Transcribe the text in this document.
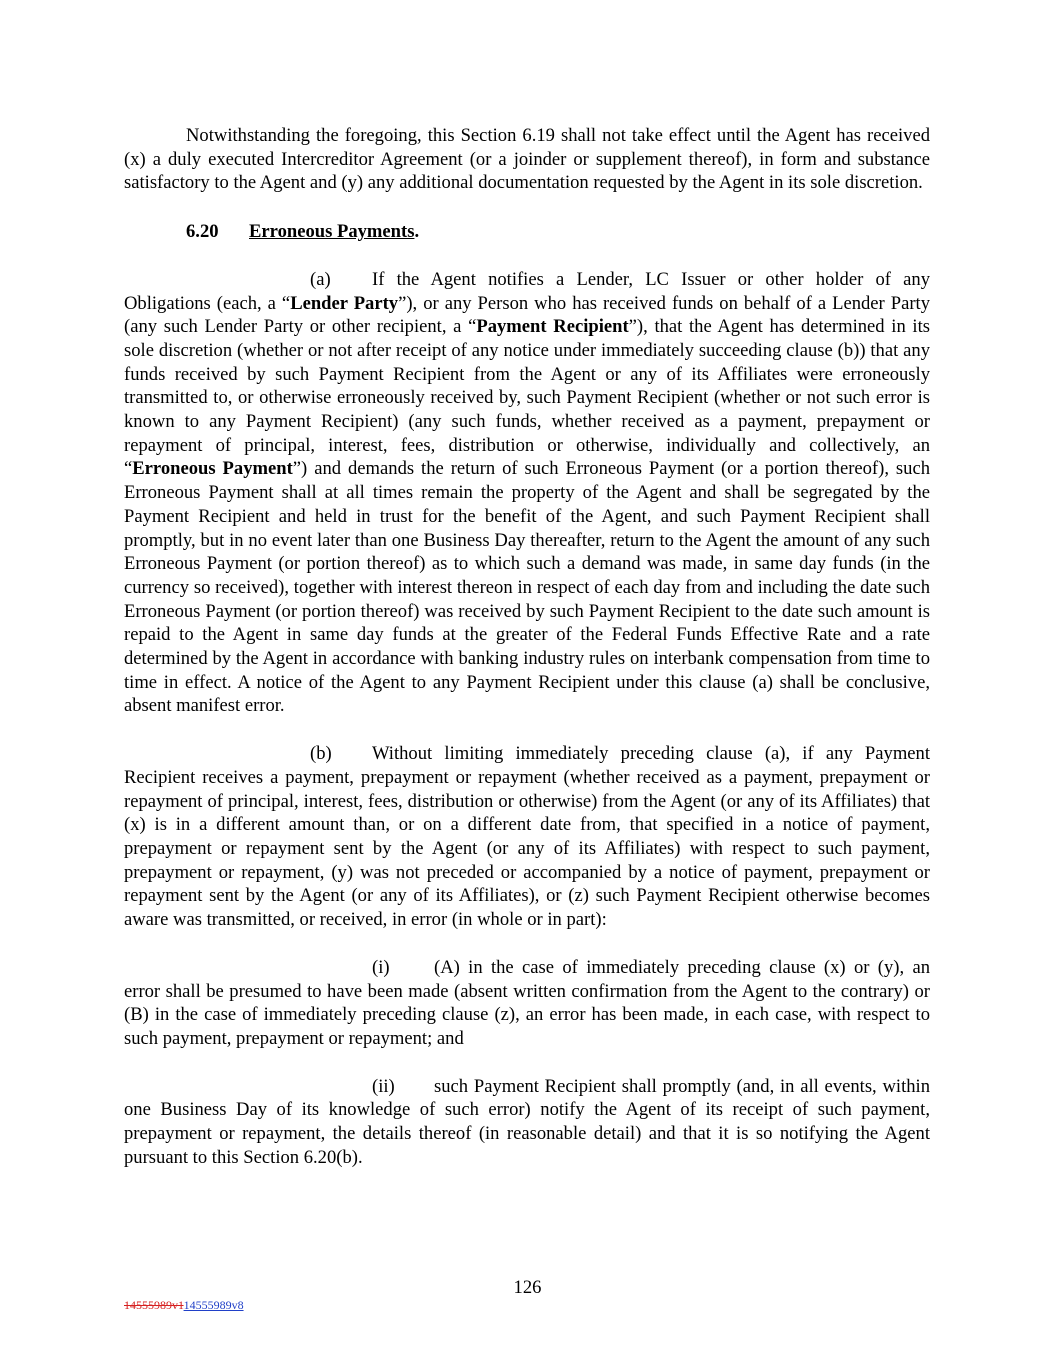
Notwithstanding the foregoing, this Section 6.19 shall not take effect until the Agent has received (x) a duly executed Intercreditor Agreement (or a joinder or supplement thereof), in form and substance satisfactory to the Agent and (y) any additional documentation requested by the Agent in its sole discretion.

6.20 Erroneous Payments.

(a) If the Agent notifies a Lender, LC Issuer or other holder of any Obligations (each, a “Lender Party”), or any Person who has received funds on behalf of a Lender Party (any such Lender Party or other recipient, a “Payment Recipient”), that the Agent has determined in its sole discretion (whether or not after receipt of any notice under immediately succeeding clause (b)) that any funds received by such Payment Recipient from the Agent or any of its Affiliates were erroneously transmitted to, or otherwise erroneously received by, such Payment Recipient (whether or not such error is known to any Payment Recipient) (any such funds, whether received as a payment, prepayment or repayment of principal, interest, fees, distribution or otherwise, individually and collectively, an “Erroneous Payment”) and demands the return of such Erroneous Payment (or a portion thereof), such Erroneous Payment shall at all times remain the property of the Agent and shall be segregated by the Payment Recipient and held in trust for the benefit of the Agent, and such Payment Recipient shall promptly, but in no event later than one Business Day thereafter, return to the Agent the amount of any such Erroneous Payment (or portion thereof) as to which such a demand was made, in same day funds (in the currency so received), together with interest thereon in respect of each day from and including the date such Erroneous Payment (or portion thereof) was received by such Payment Recipient to the date such amount is repaid to the Agent in same day funds at the greater of the Federal Funds Effective Rate and a rate determined by the Agent in accordance with banking industry rules on interbank compensation from time to time in effect. A notice of the Agent to any Payment Recipient under this clause (a) shall be conclusive, absent manifest error.

(b) Without limiting immediately preceding clause (a), if any Payment Recipient receives a payment, prepayment or repayment (whether received as a payment, prepayment or repayment of principal, interest, fees, distribution or otherwise) from the Agent (or any of its Affiliates) that (x) is in a different amount than, or on a different date from, that specified in a notice of payment, prepayment or repayment sent by the Agent (or any of its Affiliates) with respect to such payment, prepayment or repayment, (y) was not preceded or accompanied by a notice of payment, prepayment or repayment sent by the Agent (or any of its Affiliates), or (z) such Payment Recipient otherwise becomes aware was transmitted, or received, in error (in whole or in part):

(i) (A) in the case of immediately preceding clause (x) or (y), an error shall be presumed to have been made (absent written confirmation from the Agent to the contrary) or (B) in the case of immediately preceding clause (z), an error has been made, in each case, with respect to such payment, prepayment or repayment; and

(ii) such Payment Recipient shall promptly (and, in all events, within one Business Day of its knowledge of such error) notify the Agent of its receipt of such payment, prepayment or repayment, the details thereof (in reasonable detail) and that it is so notifying the Agent pursuant to this Section 6.20(b).

126
14555989v114555989v8
